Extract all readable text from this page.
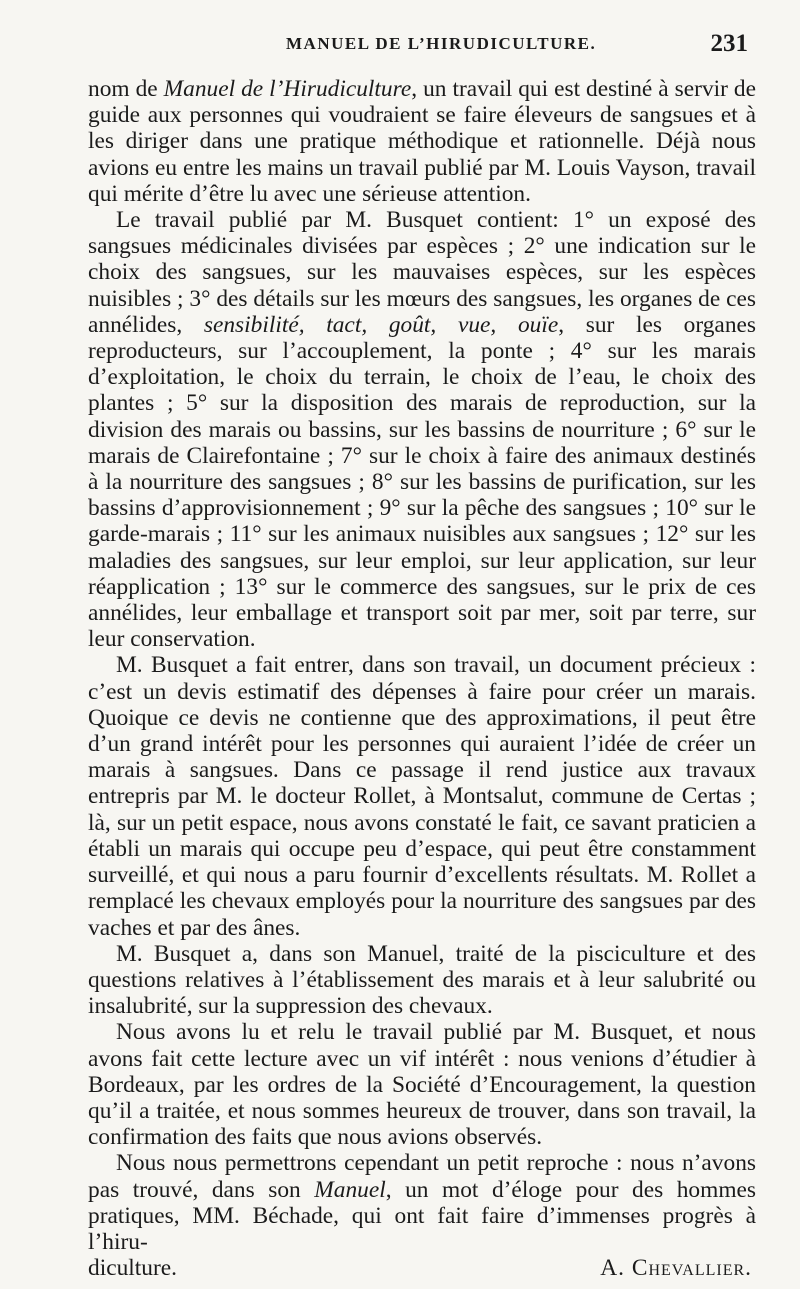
MANUEL DE L’HIRUDICULTURE.	231

nom de Manuel de l’Hirudiculture, un travail qui est destiné à servir de guide aux personnes qui voudraient se faire éleveurs de sangsues et à les diriger dans une pratique méthodique et rationnelle. Déjà nous avions eu entre les mains un travail publié par M. Louis Vayson, travail qui mérite d’être lu avec une sérieuse attention.

Le travail publié par M. Busquet contient: 1° un exposé des sangsues médicinales divisées par espèces ; 2° une indication sur le choix des sangsues, sur les mauvaises espèces, sur les espèces nuisibles ; 3° des détails sur les mœurs des sangsues, les organes de ces annélides, sensibilité, tact, goût, vue, ouïe, sur les organes reproducteurs, sur l’accouplement, la ponte ; 4° sur les marais d’exploitation, le choix du terrain, le choix de l’eau, le choix des plantes ; 5° sur la disposition des marais de reproduction, sur la division des marais ou bassins, sur les bassins de nourriture ; 6° sur le marais de Clairefontaine ; 7° sur le choix à faire des animaux destinés à la nourriture des sangsues ; 8° sur les bassins de purification, sur les bassins d’approvisionnement ; 9° sur la pêche des sangsues ; 10° sur le garde-marais ; 11° sur les animaux nuisibles aux sangsues ; 12° sur les maladies des sangsues, sur leur emploi, sur leur application, sur leur réapplication ; 13° sur le commerce des sangsues, sur le prix de ces annélides, leur emballage et transport soit par mer, soit par terre, sur leur conservation.

M. Busquet a fait entrer, dans son travail, un document précieux : c’est un devis estimatif des dépenses à faire pour créer un marais. Quoique ce devis ne contienne que des approximations, il peut être d’un grand intérêt pour les personnes qui auraient l’idée de créer un marais à sangsues. Dans ce passage il rend justice aux travaux entrepris par M. le docteur Rollet, à Montsalut, commune de Certas ; là, sur un petit espace, nous avons constaté le fait, ce savant praticien a établi un marais qui occupe peu d’espace, qui peut être constamment surveillé, et qui nous a paru fournir d’excellents résultats. M. Rollet a remplacé les chevaux employés pour la nourriture des sangsues par des vaches et par des ânes.

M. Busquet a, dans son Manuel, traité de la pisciculture et des questions relatives à l’établissement des marais et à leur salubrité ou insalubrité, sur la suppression des chevaux.

Nous avons lu et relu le travail publié par M. Busquet, et nous avons fait cette lecture avec un vif intérêt : nous venions d’étudier à Bordeaux, par les ordres de la Société d’Encouragement, la question qu’il a traitée, et nous sommes heureux de trouver, dans son travail, la confirmation des faits que nous avions observés.

Nous nous permettrons cependant un petit reproche : nous n’avons pas trouvé, dans son Manuel, un mot d’éloge pour des hommes pratiques, MM. Béchade, qui ont fait faire d’immenses progrès à l’hiru-

diculture.	A. Chevallier.
